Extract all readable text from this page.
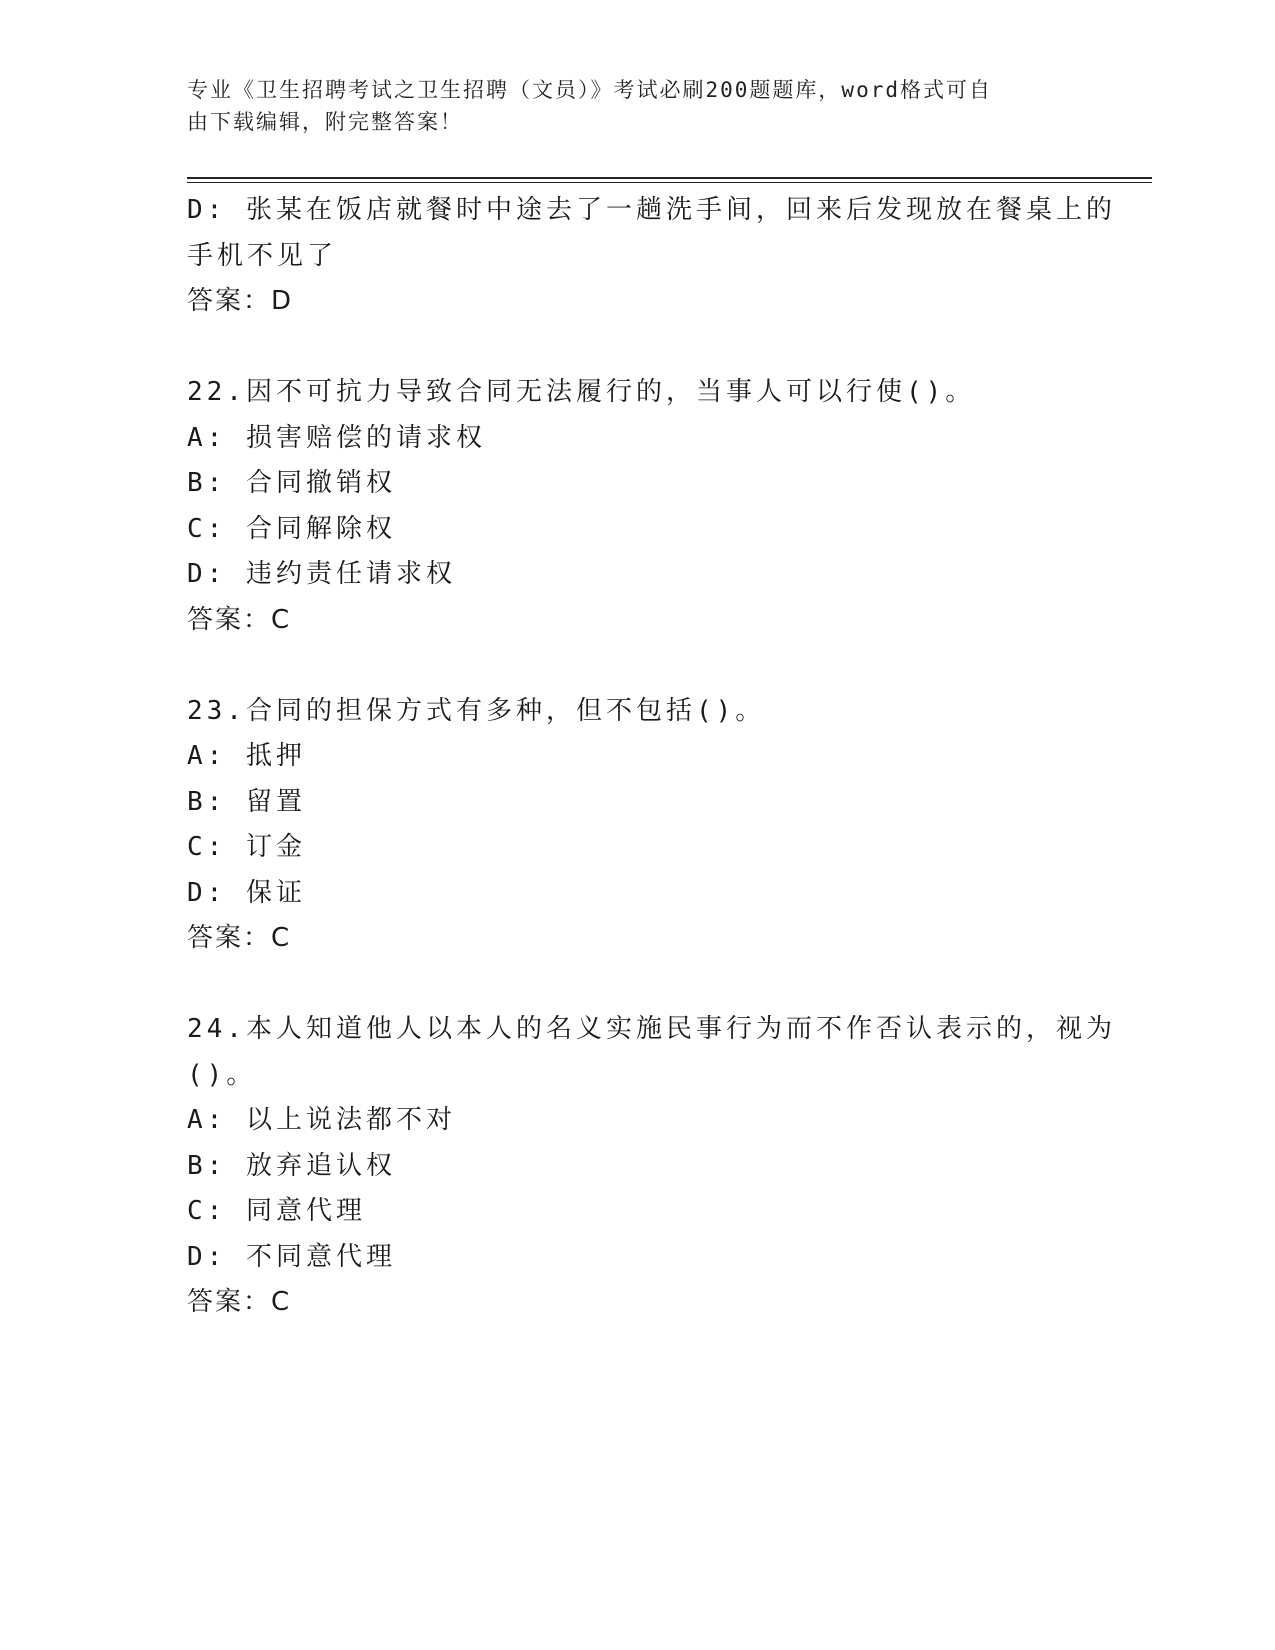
专业《卫生招聘考试之卫生招聘（文员）》考试必刷200题题库，word格式可自
由下载编辑，附完整答案！
D: 张某在饭店就餐时中途去了一趟洗手间，回来后发现放在餐桌上的
手机不见了
答案：D
22.因不可抗力导致合同无法履行的，当事人可以行使()。
A: 损害赔偿的请求权
B: 合同撤销权
C: 合同解除权
D: 违约责任请求权
答案：C
23.合同的担保方式有多种，但不包括()。
A: 抵押
B: 留置
C: 订金
D: 保证
答案：C
24.本人知道他人以本人的名义实施民事行为而不作否认表示的，视为
()。
A: 以上说法都不对
B: 放弃追认权
C: 同意代理
D: 不同意代理
答案：C
